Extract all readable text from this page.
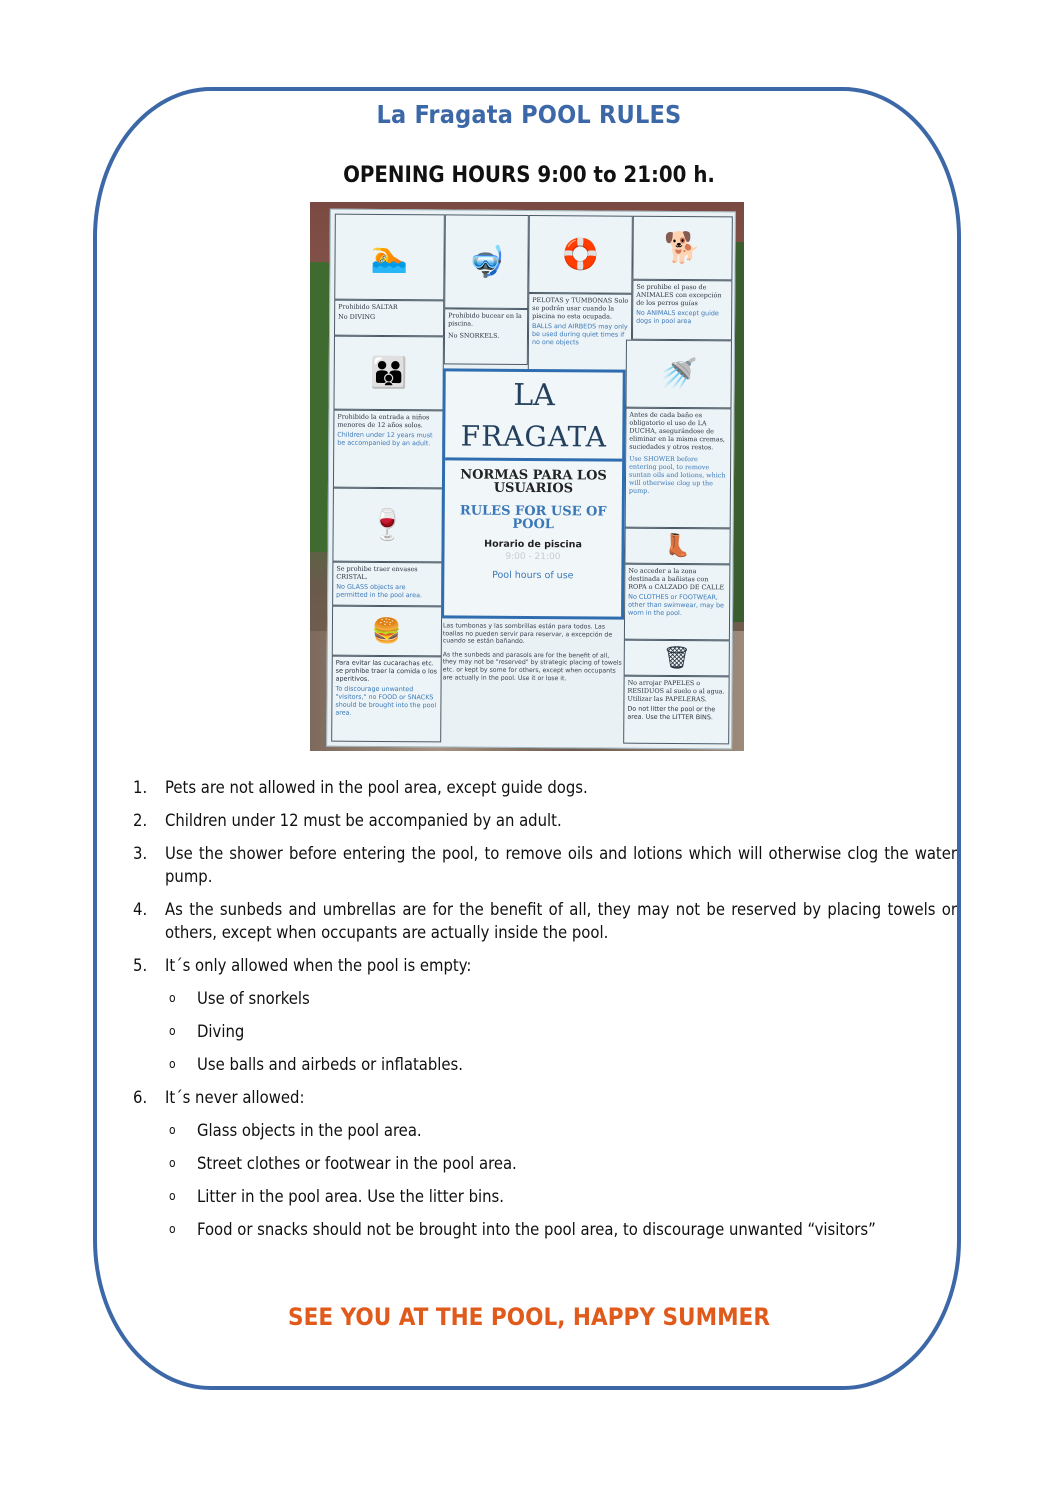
La Fragata POOL RULES
OPENING HOURS 9:00 to 21:00 h.
🏊
Prohibido SALTAR
No DIVING
🤿
Prohibido bucear en la piscina.
No SNORKELS.
🛟
PELOTAS y TUMBONAS Solo se podrán usar cuando la piscina no esta ocupada.
BALLS and AIRBEDS may only be used during quiet times if no one objects
🐕
Se prohibe el paso de ANIMALES con excepción de los perros guías
No ANIMALS except guide dogs in pool area
👪
Prohibido la entrada a niños menores de 12 años solos.
Children under 12 years must be accompanied by an adult.
🚿
Antes de cada baño es obligatorio el uso de LA DUCHA, asegurándose de eliminar en la misma cremas, suciedades y otros restos.
Use SHOWER before entering pool, to remove suntan oils and lotions, which will otherwise clog up the pump.
🍷
Se prohibe traer envases CRISTAL.
No GLASS objects are permitted in the pool area.
👢
No acceder a la zona destinada a bañistas con ROPA o CALZADO DE CALLE
No CLOTHES or FOOTWEAR, other than swimwear, may be worn in the pool.
🍔
Para evitar las cucarachas etc. se prohibe traer la comida o los aperitivos.
To discourage unwanted "visitors," no FOOD or SNACKS should be brought into the pool area.
🗑
No arrojar PAPELES o RESIDUOS al suelo o al agua. Utilizar las PAPELERAS.
Do not litter the pool or the area. Use the LITTER BINS.
LA
FRAGATA
NORMAS PARA LOS USUARIOS
RULES FOR USE OF POOL
Horario de piscina
9:00 - 21:00
Pool hours of use
Las tumbonas y las sombrillas están para todos. Las toallas no pueden servir para reservar, a excepción de cuando se están bañando.
As the sunbeds and parasols are for the benefit of all, they may not be "reserved" by strategic placing of towels etc. or kept by some for others, except when occupants are actually in the pool. Use it or lose it.
1. Pets are not allowed in the pool area, except guide dogs.
2. Children under 12 must be accompanied by an adult.
3. Use the shower before entering the pool, to remove oils and lotions which will otherwise clog the water pump.
4. As the sunbeds and umbrellas are for the benefit of all, they may not be reserved by placing towels or others, except when occupants are actually inside the pool.
5. It´s only allowed when the pool is empty:
o Use of snorkels
o Diving
o Use balls and airbeds or inflatables.
6. It´s never allowed:
o Glass objects in the pool area.
o Street clothes or footwear in the pool area.
o Litter in the pool area. Use the litter bins.
o Food or snacks should not be brought into the pool area, to discourage unwanted “visitors”
SEE YOU AT THE POOL, HAPPY SUMMER
